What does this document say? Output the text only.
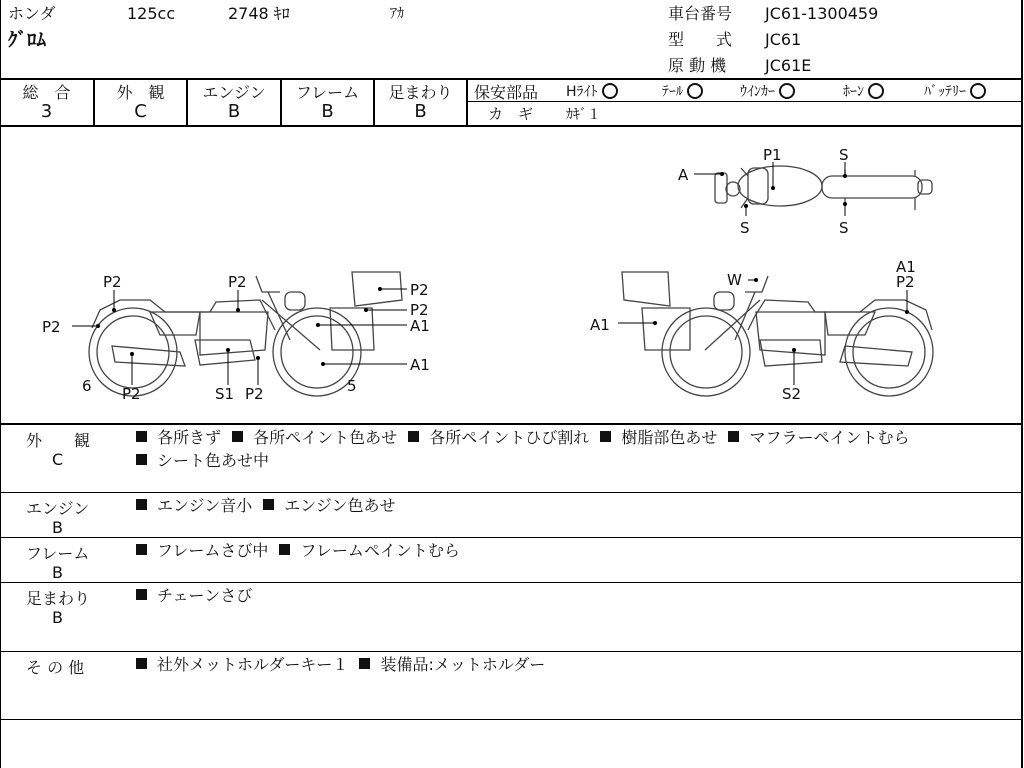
ホンダ	125cc	2748 ｷﾛ	ｱｶ
ｸﾞﾛﾑ
車台番号 JC61-1300459
型　　式 JC61
原 動 機 JC61E
総　合
3
外　観
C
エンジン
B
フレーム
B
足まわり
B
保安部品 Hﾗｲﾄ	ﾃｰﾙ	ｳｲﾝｶｰ	ﾎｰﾝ	ﾊﾞｯﾃﾘｰ
カ　ギ ｶｷﾞ１
A
P1	S
S	S
P2
P2
P2	P2
P2
P2
A1
A1
6	5
S1 P2
A1
P2
W
A1
S2
外　　観
C
各所きず 各所ペイント色あせ 各所ペイントひび割れ 樹脂部色あせ マフラーペイントむら シート色あせ中
エンジン
B
エンジン音小 エンジン色あせ
フレーム
B
フレームさび中 フレームペイントむら
足まわり
B
チェーンさび
そ の 他	社外メットホルダーキー１ 装備品:メットホルダー
